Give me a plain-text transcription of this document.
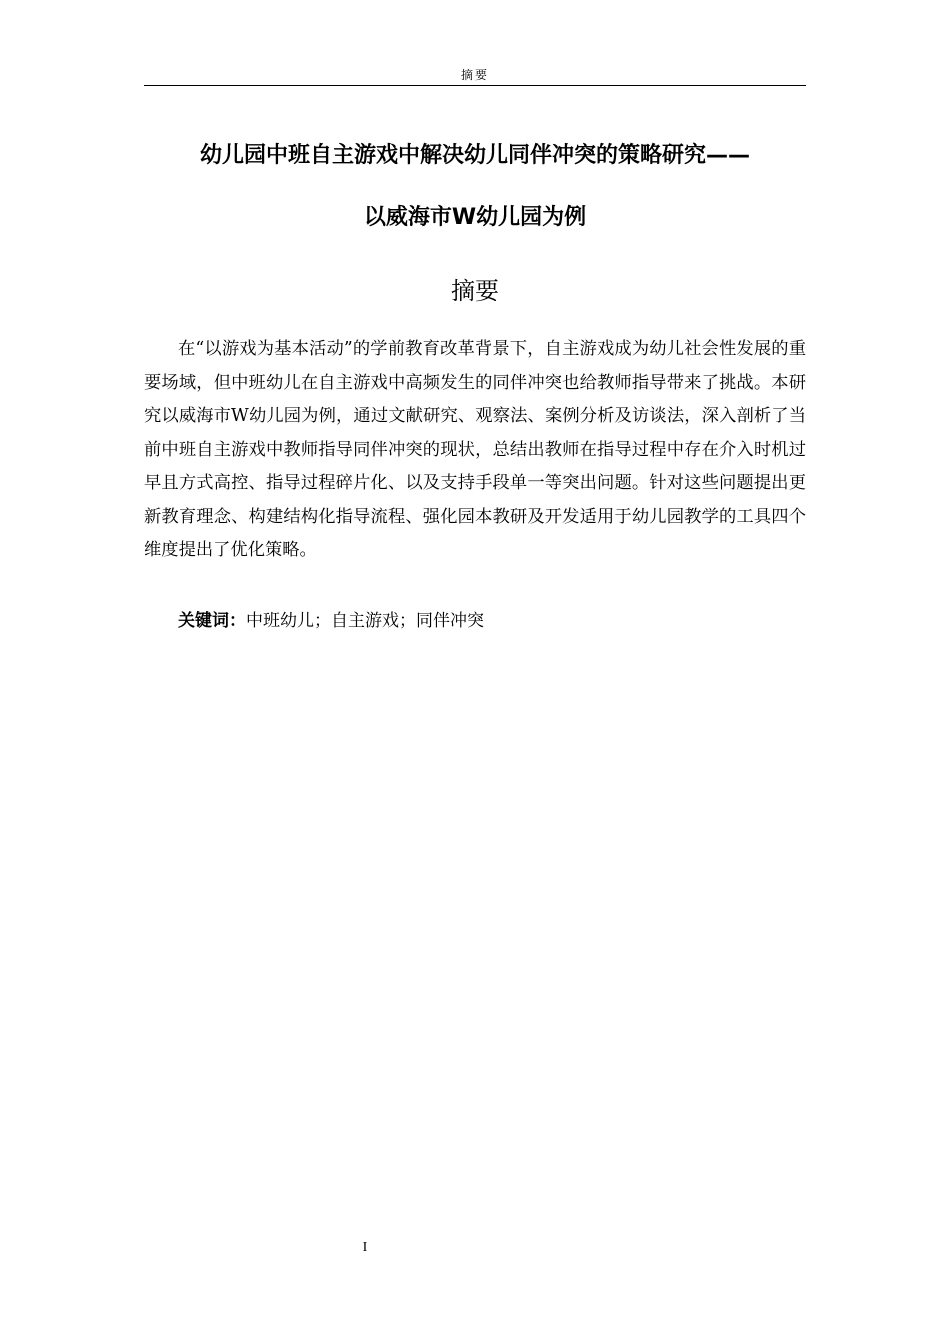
摘要
幼儿园中班自主游戏中解决幼儿同伴冲突的策略研究——
以威海市W幼儿园为例
摘要

在“以游戏为基本活动”的学前教育改革背景下，自主游戏成为幼儿社会性发展的重要场域，但中班幼儿在自主游戏中高频发生的同伴冲突也给教师指导带来了挑战。本研究以威海市W幼儿园为例，通过文献研究、观察法、案例分析及访谈法，深入剖析了当前中班自主游戏中教师指导同伴冲突的现状，总结出教师在指导过程中存在介入时机过早且方式高控、指导过程碎片化、以及支持手段单一等突出问题。针对这些问题提出更新教育理念、构建结构化指导流程、强化园本教研及开发适用于幼儿园教学的工具四个维度提出了优化策略。

关键词：中班幼儿；自主游戏；同伴冲突
I
